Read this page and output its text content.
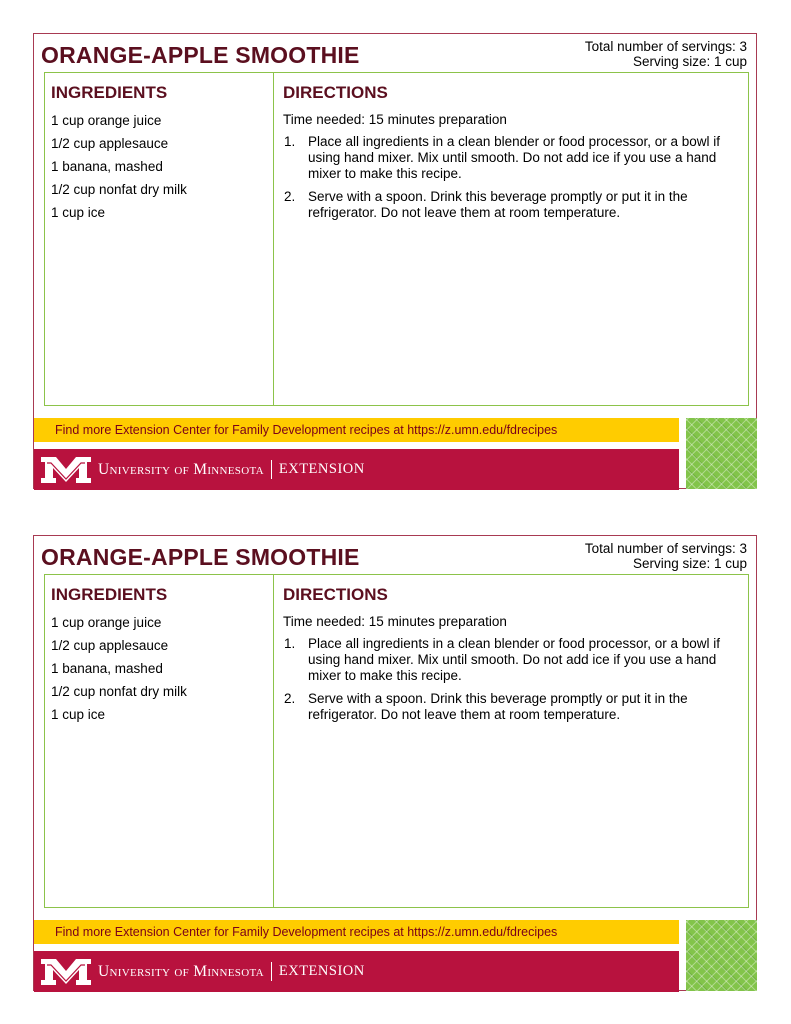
ORANGE-APPLE SMOOTHIE	Total number of servings: 3
Serving size: 1 cup
INGREDIENTS
1 cup orange juice
1/2 cup applesauce
1 banana, mashed
1/2 cup nonfat dry milk
1 cup ice
DIRECTIONS
Time needed: 15 minutes preparation
1. Place all ingredients in a clean blender or food processor, or a bowl if using hand mixer. Mix until smooth. Do not add ice if you use a hand mixer to make this recipe.
2. Serve with a spoon. Drink this beverage promptly or put it in the refrigerator. Do not leave them at room temperature.
Find more Extension Center for Family Development recipes at https://z.umn.edu/fdrecipes
University of Minnesota EXTENSION
ORANGE-APPLE SMOOTHIE	Total number of servings: 3
Serving size: 1 cup
INGREDIENTS
1 cup orange juice
1/2 cup applesauce
1 banana, mashed
1/2 cup nonfat dry milk
1 cup ice
DIRECTIONS
Time needed: 15 minutes preparation
1. Place all ingredients in a clean blender or food processor, or a bowl if using hand mixer. Mix until smooth. Do not add ice if you use a hand mixer to make this recipe.
2. Serve with a spoon. Drink this beverage promptly or put it in the refrigerator. Do not leave them at room temperature.
Find more Extension Center for Family Development recipes at https://z.umn.edu/fdrecipes
University of Minnesota EXTENSION
